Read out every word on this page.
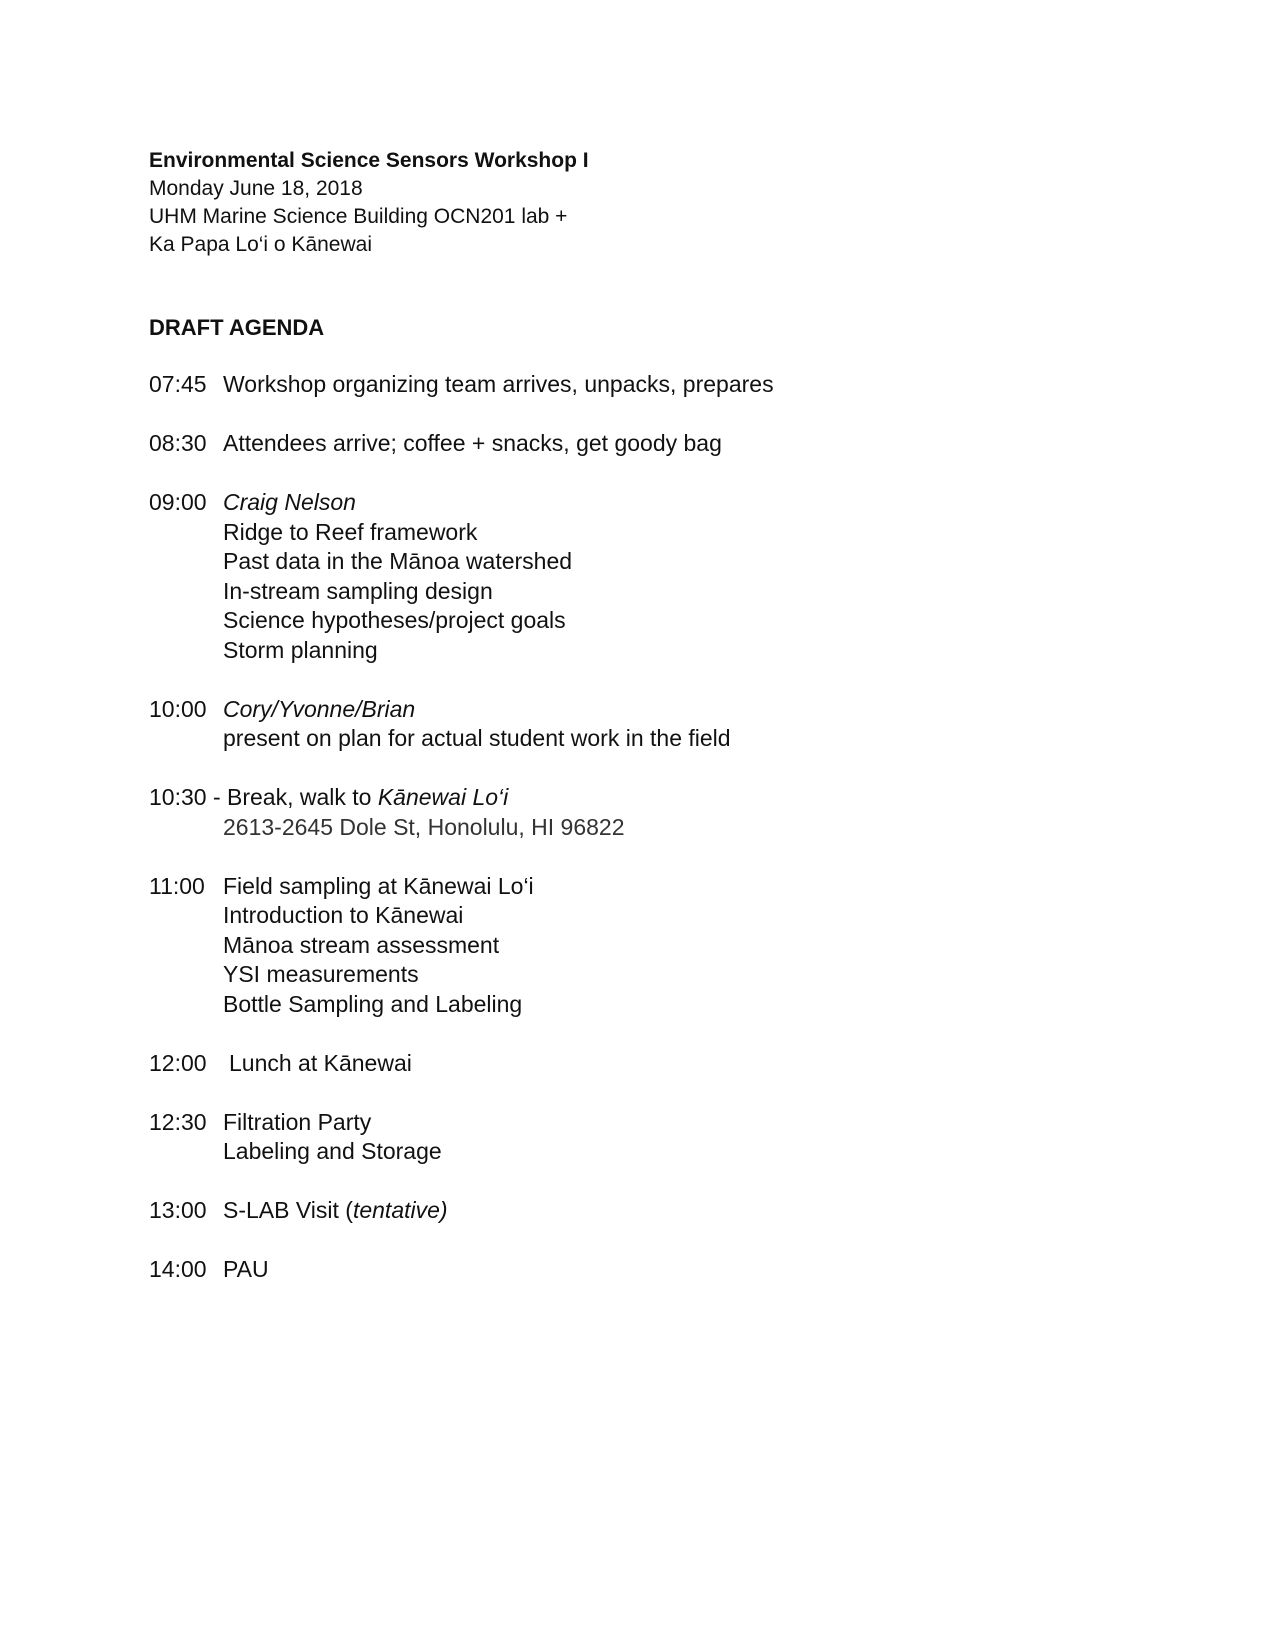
Environmental Science Sensors Workshop I
Monday June 18, 2018
UHM Marine Science Building OCN201 lab +
Ka Papa Lo‘i o Kānewai
DRAFT AGENDA
07:45 Workshop organizing team arrives, unpacks, prepares
08:30 Attendees arrive; coffee + snacks, get goody bag
09:00 Craig Nelson
Ridge to Reef framework
Past data in the Mānoa watershed
In-stream sampling design
Science hypotheses/project goals
Storm planning
10:00 Cory/Yvonne/Brian
present on plan for actual student work in the field
10:30 - Break, walk to Kānewai Lo‘i
2613-2645 Dole St, Honolulu, HI 96822
11:00 Field sampling at Kānewai Lo‘i
Introduction to Kānewai
Mānoa stream assessment
YSI measurements
Bottle Sampling and Labeling
12:00 Lunch at Kānewai
12:30 Filtration Party
Labeling and Storage
13:00 S-LAB Visit (tentative)
14:00 PAU
